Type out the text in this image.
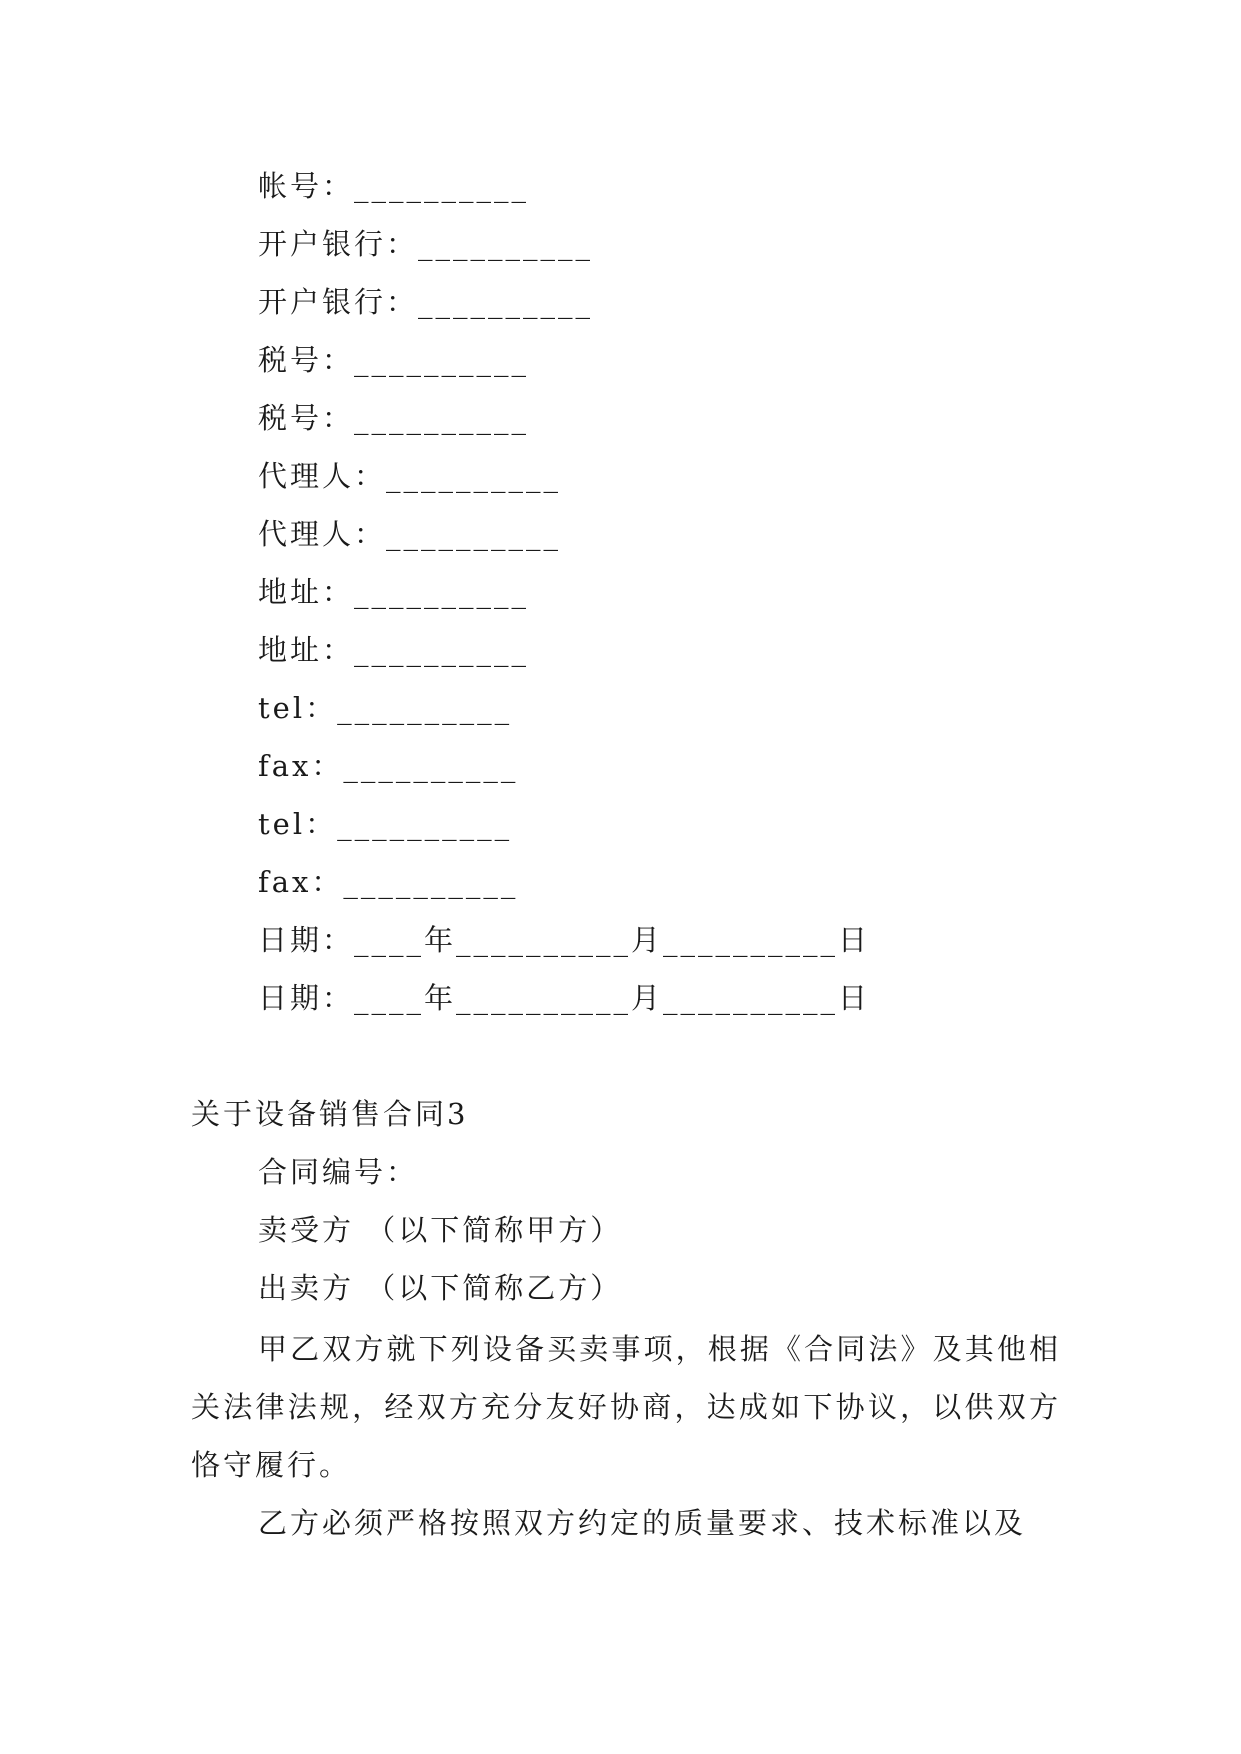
帐号：__________
开户银行：__________
开户银行：__________
税号：__________
税号：__________
代理人：__________
代理人：__________
地址：__________
地址：__________
tel：__________
fax：__________
tel：__________
fax：__________
日期：____年__________月__________日
日期：____年__________月__________日
关于设备销售合同3
合同编号：
卖受方 （以下简称甲方）
出卖方 （以下简称乙方）
甲乙双方就下列设备买卖事项，根据《合同法》及其他相关法律法规，经双方充分友好协商，达成如下协议，以供双方恪守履行。
乙方必须严格按照双方约定的质量要求、技术标准以及
